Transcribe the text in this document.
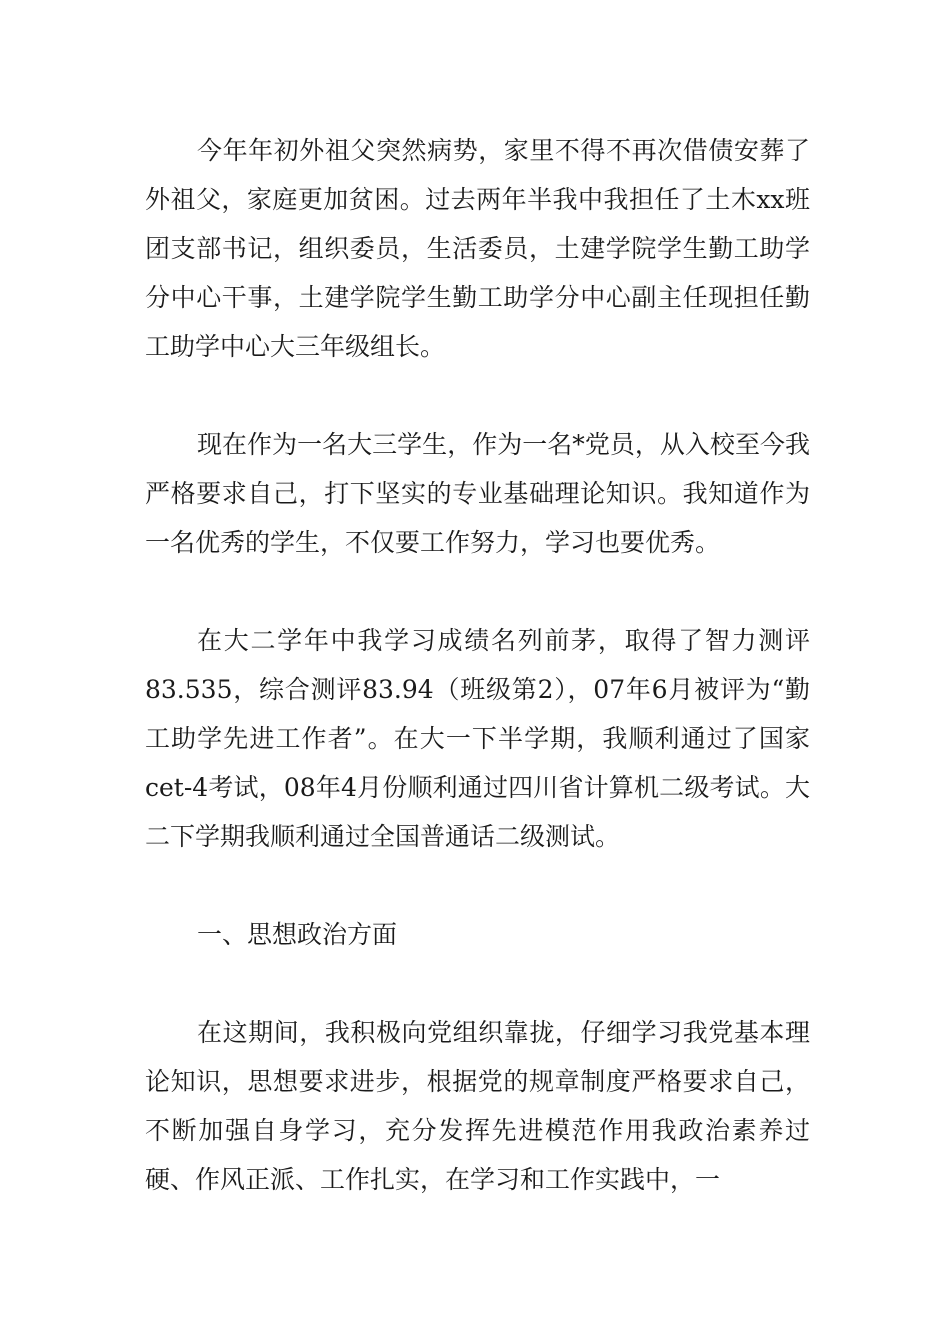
今年年初外祖父突然病势，家里不得不再次借债安葬了外祖父，家庭更加贫困。过去两年半我中我担任了土木xx班团支部书记，组织委员，生活委员，土建学院学生勤工助学分中心干事，土建学院学生勤工助学分中心副主任现担任勤工助学中心大三年级组长。

现在作为一名大三学生，作为一名*党员，从入校至今我严格要求自己，打下坚实的专业基础理论知识。我知道作为一名优秀的学生，不仅要工作努力，学习也要优秀。

在大二学年中我学习成绩名列前茅，取得了智力测评83.535，综合测评83.94（班级第2），07年6月被评为“勤工助学先进工作者”。在大一下半学期，我顺利通过了国家cet-4考试，08年4月份顺利通过四川省计算机二级考试。大二下学期我顺利通过全国普通话二级测试。

一、思想政治方面

在这期间，我积极向党组织靠拢，仔细学习我党基本理论知识，思想要求进步，根据党的规章制度严格要求自己，不断加强自身学习，充分发挥先进模范作用我政治素养过硬、作风正派、工作扎实，在学习和工作实践中，一
